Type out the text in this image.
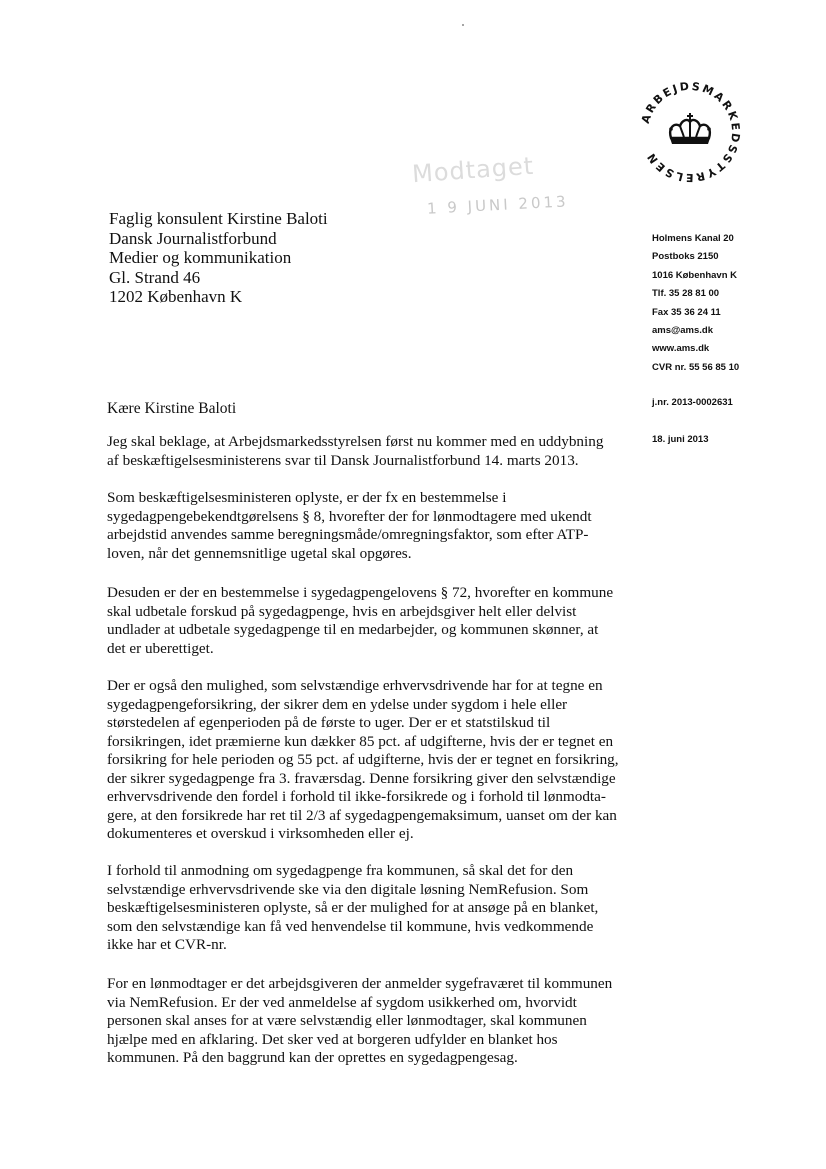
ARBEJDSMARKEDSSTYRELSEN
Modtaget
1 9 JUNI 2013
Faglig konsulent Kirstine Baloti
Dansk Journalistforbund
Medier og kommunikation
Gl. Strand 46
1202 København K
Holmens Kanal 20
Postboks 2150
1016 København K
Tlf. 35 28 81 00
Fax 35 36 24 11
ams@ams.dk
www.ams.dk
CVR nr. 55 56 85 10
j.nr. 2013-0002631
18. juni 2013
Kære Kirstine Baloti
Jeg skal beklage, at Arbejdsmarkedsstyrelsen først nu kommer med en uddybning
af beskæftigelsesministerens svar til Dansk Journalistforbund 14. marts 2013.
Som beskæftigelsesministeren oplyste, er der fx en bestemmelse i
sygedagpengebekendtgørelsens § 8, hvorefter der for lønmodtagere med ukendt
arbejdstid anvendes samme beregningsmåde/omregningsfaktor, som efter ATP-
loven, når det gennemsnitlige ugetal skal opgøres.
Desuden er der en bestemmelse i sygedagpengelovens § 72, hvorefter en kommune
skal udbetale forskud på sygedagpenge, hvis en arbejdsgiver helt eller delvist
undlader at udbetale sygedagpenge til en medarbejder, og kommunen skønner, at
det er uberettiget.
Der er også den mulighed, som selvstændige erhvervsdrivende har for at tegne en
sygedagpengeforsikring, der sikrer dem en ydelse under sygdom i hele eller
størstedelen af egenperioden på de første to uger. Der er et statstilskud til
forsikringen, idet præmierne kun dækker 85 pct. af udgifterne, hvis der er tegnet en
forsikring for hele perioden og 55 pct. af udgifterne, hvis der er tegnet en forsikring,
der sikrer sygedagpenge fra 3. fraværsdag. Denne forsikring giver den selvstændige
erhvervsdrivende den fordel i forhold til ikke-forsikrede og i forhold til lønmodta-
gere, at den forsikrede har ret til 2/3 af sygedagpengemaksimum, uanset om der kan
dokumenteres et overskud i virksomheden eller ej.
I forhold til anmodning om sygedagpenge fra kommunen, så skal det for den
selvstændige erhvervsdrivende ske via den digitale løsning NemRefusion. Som
beskæftigelsesministeren oplyste, så er der mulighed for at ansøge på en blanket,
som den selvstændige kan få ved henvendelse til kommune, hvis vedkommende
ikke har et CVR-nr.
For en lønmodtager er det arbejdsgiveren der anmelder sygefraværet til kommunen
via NemRefusion. Er der ved anmeldelse af sygdom usikkerhed om, hvorvidt
personen skal anses for at være selvstændig eller lønmodtager, skal kommunen
hjælpe med en afklaring. Det sker ved at borgeren udfylder en blanket hos
kommunen. På den baggrund kan der oprettes en sygedagpengesag.
